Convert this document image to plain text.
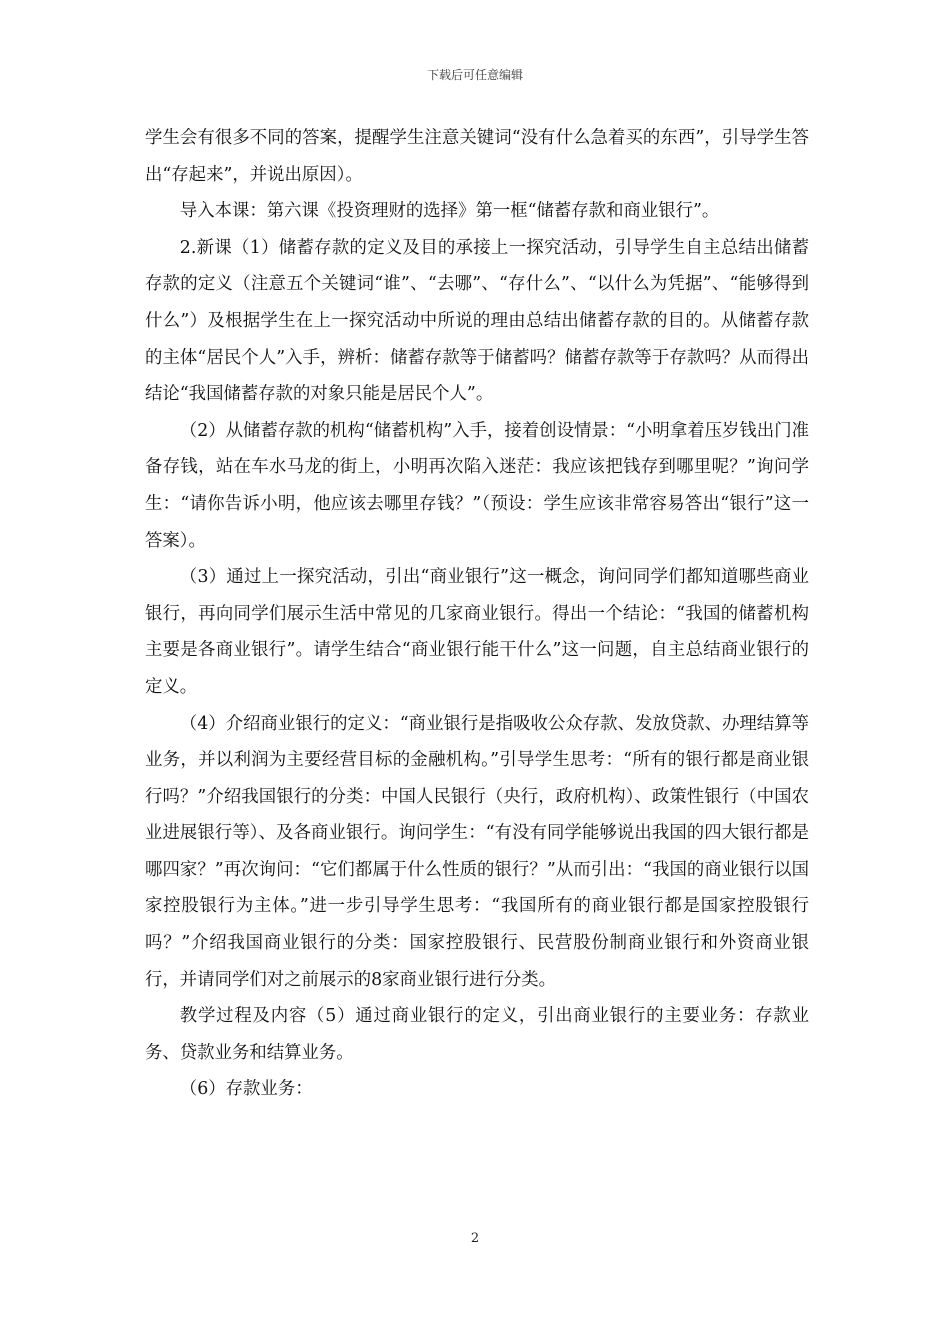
下载后可任意编辑

学生会有很多不同的答案，提醒学生注意关键词“没有什么急着买的东西”，引导学生答出“存起来”，并说出原因）。

导入本课：第六课《投资理财的选择》第一框“储蓄存款和商业银行”。

2.新课（1）储蓄存款的定义及目的承接上一探究活动，引导学生自主总结出储蓄存款的定义（注意五个关键词“谁”、“去哪”、“存什么”、“以什么为凭据”、“能够得到什么”）及根据学生在上一探究活动中所说的理由总结出储蓄存款的目的。从储蓄存款的主体“居民个人”入手，辨析：储蓄存款等于储蓄吗？储蓄存款等于存款吗？从而得出结论“我国储蓄存款的对象只能是居民个人”。

（2）从储蓄存款的机构“储蓄机构”入手，接着创设情景：“小明拿着压岁钱出门准备存钱，站在车水马龙的街上，小明再次陷入迷茫：我应该把钱存到哪里呢？”询问学生：“请你告诉小明，他应该去哪里存钱？”（预设：学生应该非常容易答出“银行”这一答案）。

（3）通过上一探究活动，引出“商业银行”这一概念，询问同学们都知道哪些商业银行，再向同学们展示生活中常见的几家商业银行。得出一个结论：“我国的储蓄机构主要是各商业银行”。请学生结合“商业银行能干什么”这一问题，自主总结商业银行的定义。

（4）介绍商业银行的定义：“商业银行是指吸收公众存款、发放贷款、办理结算等业务，并以利润为主要经营目标的金融机构。”引导学生思考：“所有的银行都是商业银行吗？”介绍我国银行的分类：中国人民银行（央行，政府机构）、政策性银行（中国农业进展银行等）、及各商业银行。询问学生：“有没有同学能够说出我国的四大银行都是哪四家？”再次询问：“它们都属于什么性质的银行？”从而引出：“我国的商业银行以国家控股银行为主体。”进一步引导学生思考：“我国所有的商业银行都是国家控股银行吗？”介绍我国商业银行的分类：国家控股银行、民营股份制商业银行和外资商业银行，并请同学们对之前展示的8家商业银行进行分类。

教学过程及内容（5）通过商业银行的定义，引出商业银行的主要业务：存款业务、贷款业务和结算业务。

（6）存款业务：

2
